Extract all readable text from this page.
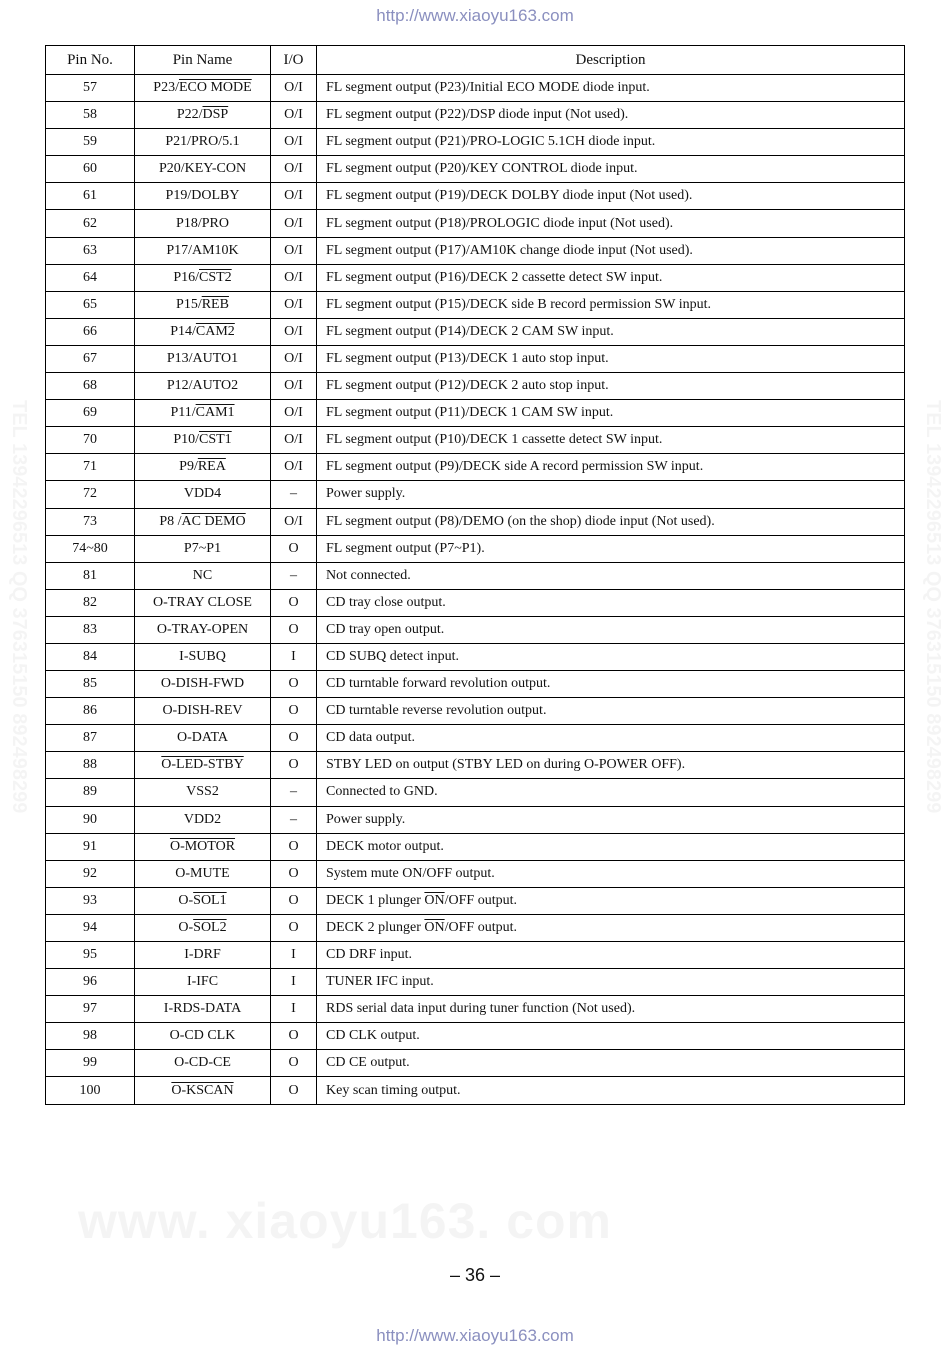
http://www.xiaoyu163.com
Pin No.	Pin Name	I/O	Description
57	P23/ECO MODE	O/I	FL segment output (P23)/Initial ECO MODE diode input.
58	$P22/\overline{DSP}$	O/I	FL segment output (P22)/DSP diode input (Not used).
59	P21/PRO/5.1	O/I	FL segment output (P21)/PRO-LOGIC 5.1CH diode input.
60	P20/KEY-CON	O/I	FL segment output (P20)/KEY CONTROL diode input.
61	P19/DOLBY	O/I	FL segment output (P19)/DECK DOLBY diode input (Not used).
62	P18/PRO	O/I	FL segment output (P18)/PROLOGIC diode input (Not used).
63	P17/AM10K	O/I	FL segment output (P17)/AM10K change diode input (Not used).
64	P16/CST2	O/I	FL segment output (P16)/DECK 2 cassette detect SW input.
65	$P15/\overline{REB}$	O/I	FL segment output (P15)/DECK side B record permission SW input.
66	P14/CAM2	O/I	FL segment output (P14)/DECK 2 CAM SW input.
67	P13/AUTO1	O/I	FL segment output (P13)/DECK 1 auto stop input.
68	P12/AUTO2	O/I	FL segment output (P12)/DECK 2 auto stop input.
69	P11/CAM1	O/I	FL segment output (P11)/DECK 1 CAM SW input.
70	P10/CST1	O/I	FL segment output (P10)/DECK 1 cassette detect SW input.
71	$P9/\overline{REA}$	O/I	FL segment output (P9)/DECK side A record permission SW input.
72	VDD4	–	Power supply.
73	P8 /AC DEMO	O/I	FL segment output (P8)/DEMO (on the shop) diode input (Not used).
74~80	P7~P1	O	FL segment output (P7~P1).
81	NC	–	Not connected.
82	O-TRAY CLOSE	O	CD tray close output.
83	O-TRAY-OPEN	O	CD tray open output.
84	I-SUBQ	I	CD SUBQ detect input.
85	O-DISH-FWD	O	CD turntable forward revolution output.
86	O-DISH-REV	O	CD turntable reverse revolution output.
87	O-DATA	O	CD data output.
88	O-LED-STBY	O	STBY LED on output (STBY LED on during O-POWER OFF).
89	VSS2	–	Connected to GND.
90	VDD2	–	Power supply.
91	O-MOTOR	O	DECK motor output.
92	O-MUTE	O	System mute ON/OFF output.
93	O-SOL1	O	DECK 1 plunger $\overline{ON}$/OFF output.
94	O-SOL2	O	DECK 2 plunger $\overline{ON}$/OFF output.
95	I-DRF	I	CD DRF input.
96	I-IFC	I	TUNER IFC input.
97	I-RDS-DATA	I	RDS serial data input during tuner function (Not used).
98	O-CD CLK	O	CD CLK output.
99	O-CD-CE	O	CD CE output.
100	O-KSCAN	O	Key scan timing output.
– 36 –
http://www.xiaoyu163.com
